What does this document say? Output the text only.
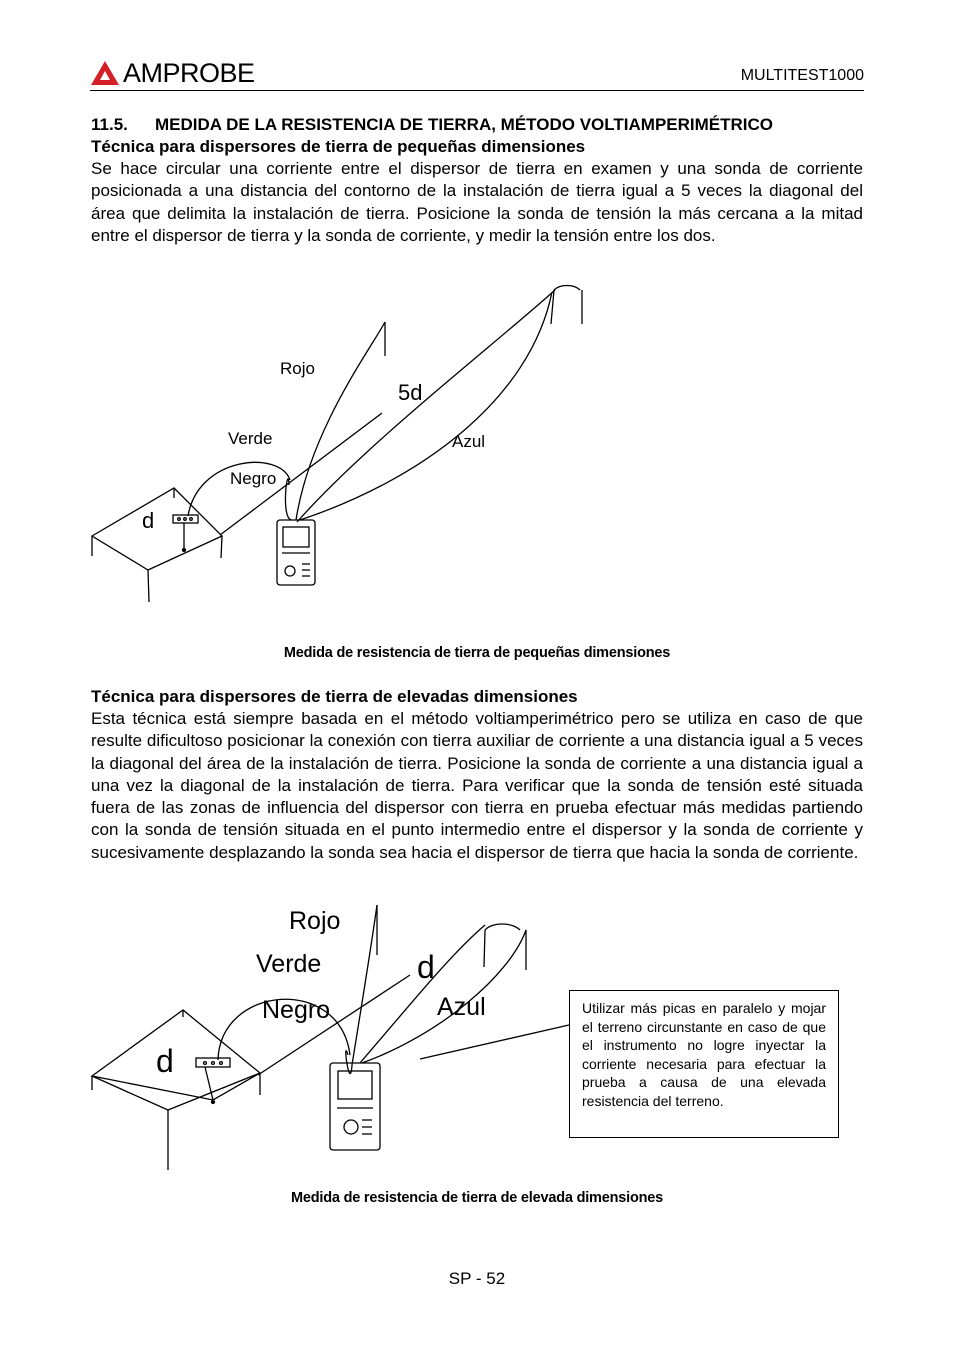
AMPROBE	MULTITEST1000
11.5. MEDIDA DE LA RESISTENCIA DE TIERRA, MÉTODO VOLTIAMPERIMÉTRICO
Técnica para dispersores de tierra de pequeñas dimensiones

Se hace circular una corriente entre el dispersor de tierra en examen y una sonda de corriente posicionada a una distancia del contorno de la instalación de tierra igual a 5 veces la diagonal del área que delimita la instalación de tierra. Posicione la sonda de tensión la más cercana a la mitad entre el dispersor de tierra y la sonda de corriente, y medir la tensión entre los dos.

Rojo
5d
Verde	Azul
Negro
d
Medida de resistencia de tierra de pequeñas dimensiones
Técnica para dispersores de tierra de elevadas dimensiones

Esta técnica está siempre basada en el método voltiamperimétrico pero se utiliza en caso de que resulte dificultoso posicionar la conexión con tierra auxiliar de corriente a una distancia igual a 5 veces la diagonal del área de la instalación de tierra. Posicione la sonda de corriente a una distancia igual a una vez la diagonal de la instalación de tierra. Para verificar que la sonda de tensión esté situada fuera de las zonas de influencia del dispersor con tierra en prueba efectuar más medidas partiendo con la sonda de tensión situada en el punto intermedio entre el dispersor y la sonda de corriente y sucesivamente desplazando la sonda sea hacia el dispersor de tierra que hacia la sonda de corriente.

Rojo
Verde	d
Negro	Azul
d
Utilizar más picas en paralelo y mojar el terreno circunstante en caso de que el instrumento no logre inyectar la corriente necesaria para efectuar la prueba a causa de una elevada resistencia del terreno.
Medida de resistencia de tierra de elevada dimensiones
SP - 52
